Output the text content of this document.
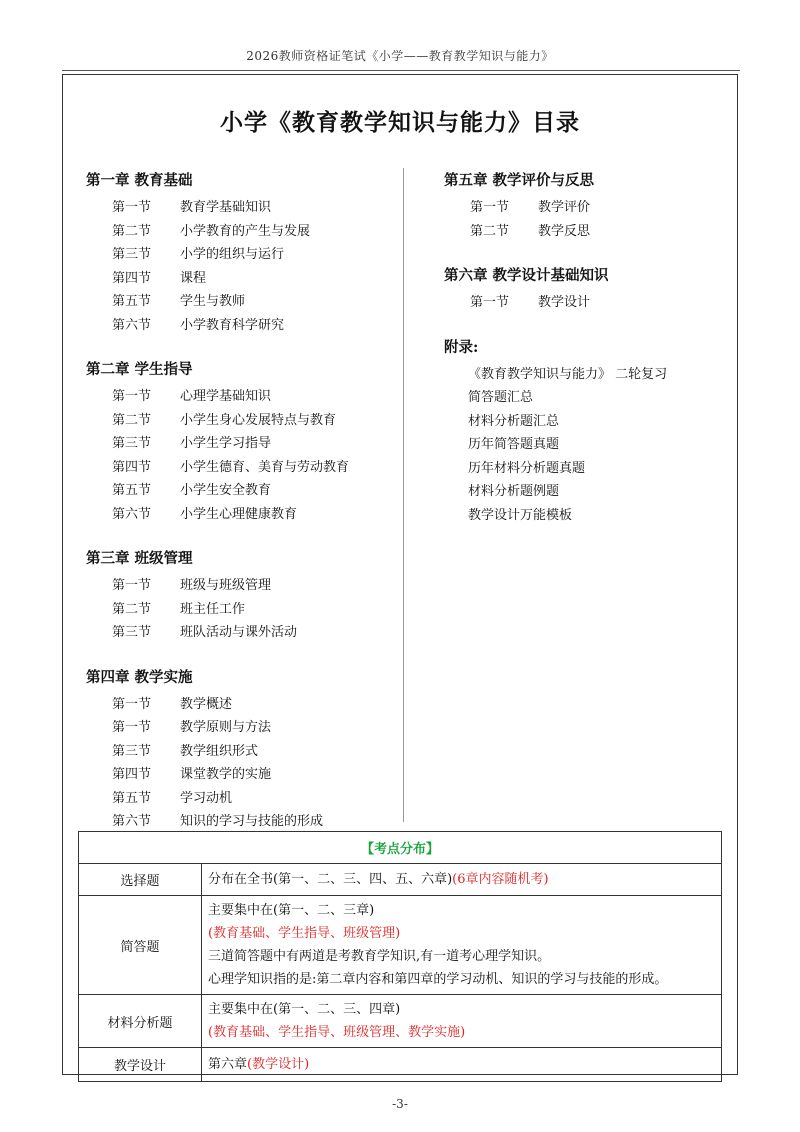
2026教师资格证笔试《小学——教育教学知识与能力》
小学《教育教学知识与能力》目录
第一章 教育基础
第一节	教育学基础知识
第二节	小学教育的产生与发展
第三节	小学的组织与运行
第四节	课程
第五节	学生与教师
第六节	小学教育科学研究
第二章 学生指导
第一节	心理学基础知识
第二节	小学生身心发展特点与教育
第三节	小学生学习指导
第四节	小学生德育、美育与劳动教育
第五节	小学生安全教育
第六节	小学生心理健康教育
第三章 班级管理
第一节	班级与班级管理
第二节	班主任工作
第三节	班队活动与课外活动
第四章 教学实施
第一节	教学概述
第一节	教学原则与方法
第三节	教学组织形式
第四节	课堂教学的实施
第五节	学习动机
第六节	知识的学习与技能的形成
第五章 教学评价与反思
第一节	教学评价
第二节	教学反思
第六章 教学设计基础知识
第一节	教学设计
附录:
《教育教学知识与能力》 二轮复习
简答题汇总
材料分析题汇总
历年简答题真题
历年材料分析题真题
材料分析题例题
教学设计万能模板
【考点分布】	
选择题	分布在全书(第一、二、三、四、五、六章)(6章内容随机考)
简答题	主要集中在(第一、二、三章)
(教育基础、学生指导、班级管理)
三道简答题中有两道是考教育学知识,有一道考心理学知识。
心理学知识指的是:第二章内容和第四章的学习动机、知识的学习与技能的形成。

材料分析题	主要集中在(第一、二、三、四章)
(教育基础、学生指导、班级管理、教学实施)

教学设计	第六章(教学设计)
-3-
